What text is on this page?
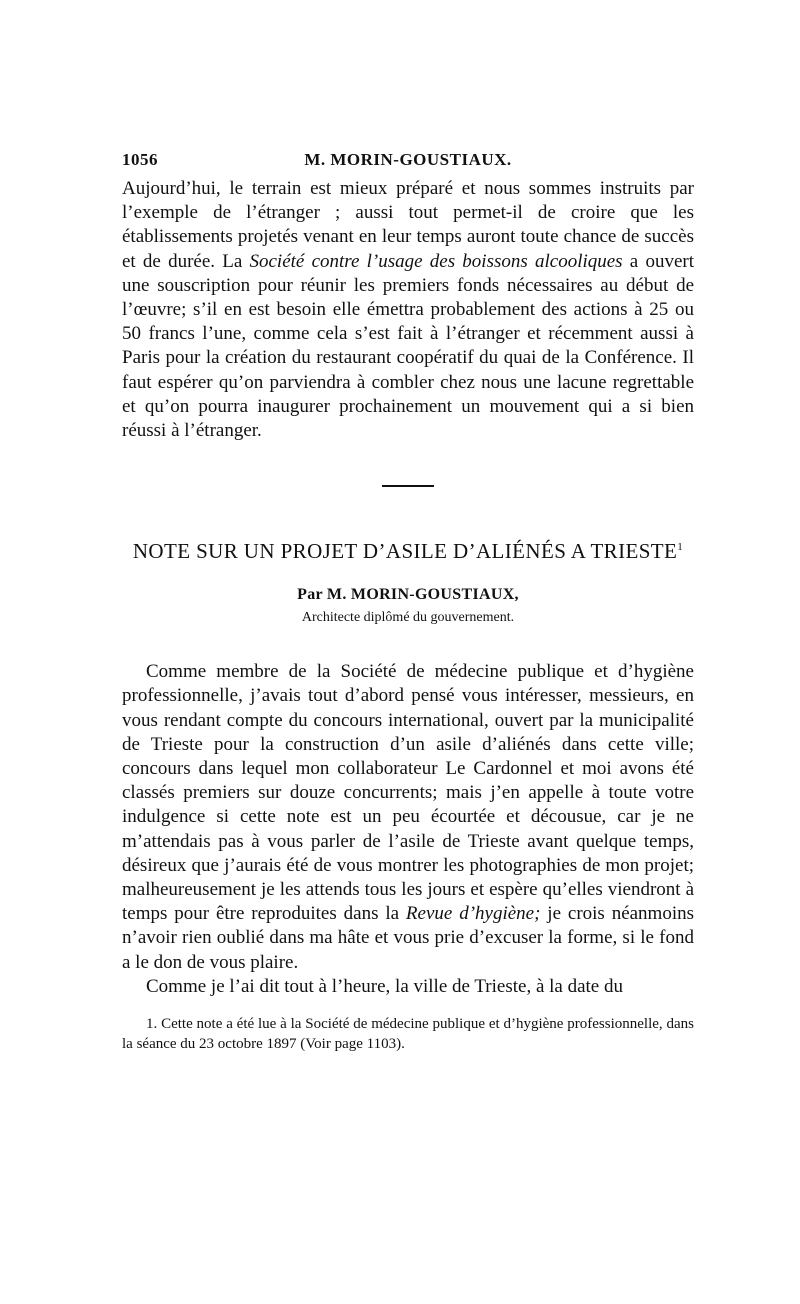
1056	M. MORIN-GOUSTIAUX.

Aujourd’hui, le terrain est mieux préparé et nous sommes instruits par l’exemple de l’étranger ; aussi tout permet-il de croire que les établissements projetés venant en leur temps auront toute chance de succès et de durée. La Société contre l’usage des boissons alcooliques a ouvert une souscription pour réunir les premiers fonds nécessaires au début de l’œuvre; s’il en est besoin elle émettra probablement des actions à 25 ou 50 francs l’une, comme cela s’est fait à l’étranger et récemment aussi à Paris pour la création du restaurant coopératif du quai de la Conférence. Il faut espérer qu’on parviendra à combler chez nous une lacune regrettable et qu’on pourra inaugurer prochainement un mouvement qui a si bien réussi à l’étranger.

NOTE SUR UN PROJET D’ASILE D’ALIÉNÉS A TRIESTE$^1$
Par M. MORIN-GOUSTIAUX,
Architecte diplômé du gouvernement.

Comme membre de la Société de médecine publique et d’hygiène professionnelle, j’avais tout d’abord pensé vous intéresser, messieurs, en vous rendant compte du concours international, ouvert par la municipalité de Trieste pour la construction d’un asile d’aliénés dans cette ville; concours dans lequel mon collaborateur Le Cardonnel et moi avons été classés premiers sur douze concurrents; mais j’en appelle à toute votre indulgence si cette note est un peu écourtée et décousue, car je ne m’attendais pas à vous parler de l’asile de Trieste avant quelque temps, désireux que j’aurais été de vous montrer les photographies de mon projet; malheureusement je les attends tous les jours et espère qu’elles viendront à temps pour être reproduites dans la Revue d’hygiène; je crois néanmoins n’avoir rien oublié dans ma hâte et vous prie d’excuser la forme, si le fond a le don de vous plaire.

Comme je l’ai dit tout à l’heure, la ville de Trieste, à la date du

1. Cette note a été lue à la Société de médecine publique et d’hygiène professionnelle, dans la séance du 23 octobre 1897 (Voir page 1103).
